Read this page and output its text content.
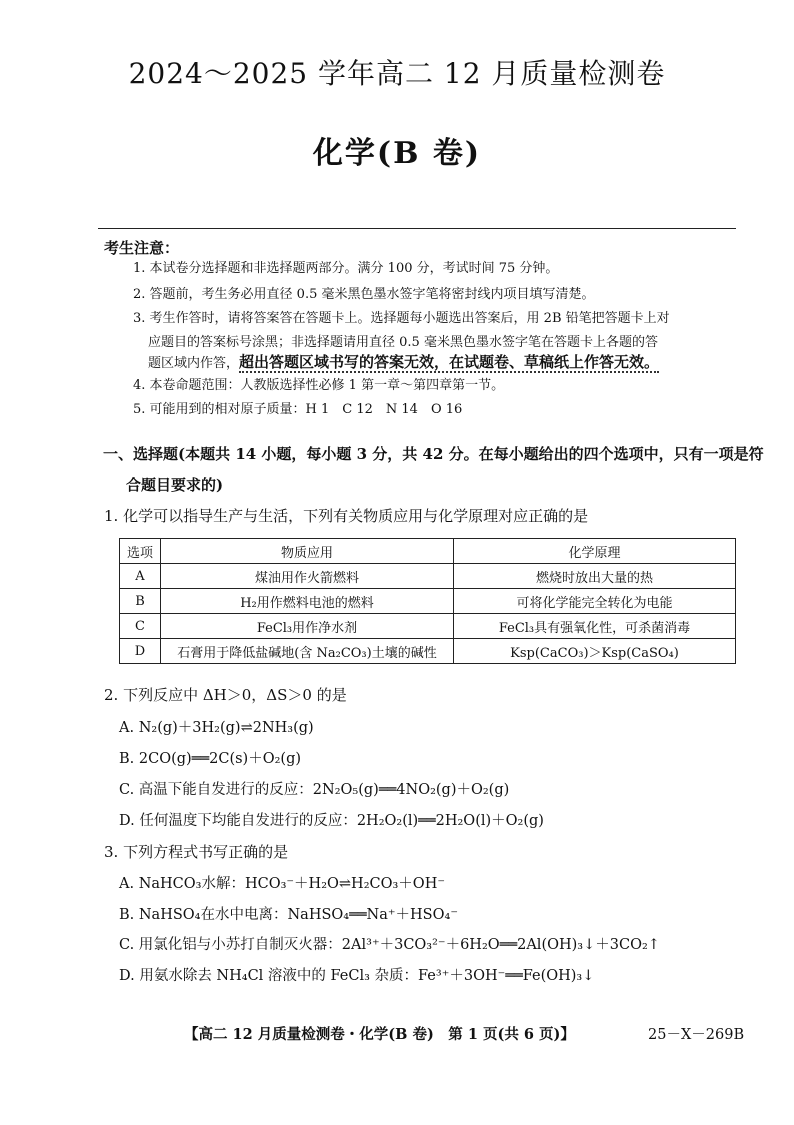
2024～2025 学年高二 12 月质量检测卷
化学(B 卷)
考生注意：
1. 本试卷分选择题和非选择题两部分。满分 100 分，考试时间 75 分钟。
2. 答题前，考生务必用直径 0.5 毫米黑色墨水签字笔将密封线内项目填写清楚。
3. 考生作答时，请将答案答在答题卡上。选择题每小题选出答案后，用 2B 铅笔把答题卡上对
应题目的答案标号涂黑；非选择题请用直径 0.5 毫米黑色墨水签字笔在答题卡上各题的答
题区域内作答，超出答题区域书写的答案无效，在试题卷、草稿纸上作答无效。
4. 本卷命题范围：人教版选择性必修 1 第一章～第四章第一节。
5. 可能用到的相对原子质量：H 1　C 12　N 14　O 16
一、选择题(本题共 14 小题，每小题 3 分，共 42 分。在每小题给出的四个选项中，只有一项是符
合题目要求的)
1. 化学可以指导生产与生活，下列有关物质应用与化学原理对应正确的是
选项	物质应用	化学原理
A	煤油用作火箭燃料	燃烧时放出大量的热
B	H₂用作燃料电池的燃料	可将化学能完全转化为电能
C	FeCl₃用作净水剂	FeCl₃具有强氧化性，可杀菌消毒
D	石膏用于降低盐碱地(含 Na₂CO₃)土壤的碱性	Ksp(CaCO₃)＞Ksp(CaSO₄)
2. 下列反应中 ΔH＞0，ΔS＞0 的是
A. N₂(g)＋3H₂(g)⇌2NH₃(g)
B. 2CO(g)══2C(s)＋O₂(g)
C. 高温下能自发进行的反应：2N₂O₅(g)══4NO₂(g)＋O₂(g)
D. 任何温度下均能自发进行的反应：2H₂O₂(l)══2H₂O(l)＋O₂(g)
3. 下列方程式书写正确的是
A. NaHCO₃水解：HCO₃⁻＋H₂O⇌H₂CO₃＋OH⁻
B. NaHSO₄在水中电离：NaHSO₄══Na⁺＋HSO₄⁻
C. 用氯化铝与小苏打自制灭火器：2Al³⁺＋3CO₃²⁻＋6H₂O══2Al(OH)₃↓＋3CO₂↑
D. 用氨水除去 NH₄Cl 溶液中的 FeCl₃ 杂质：Fe³⁺＋3OH⁻══Fe(OH)₃↓
【高二 12 月质量检测卷・化学(B 卷)　第 1 页(共 6 页)】	25－X－269B
